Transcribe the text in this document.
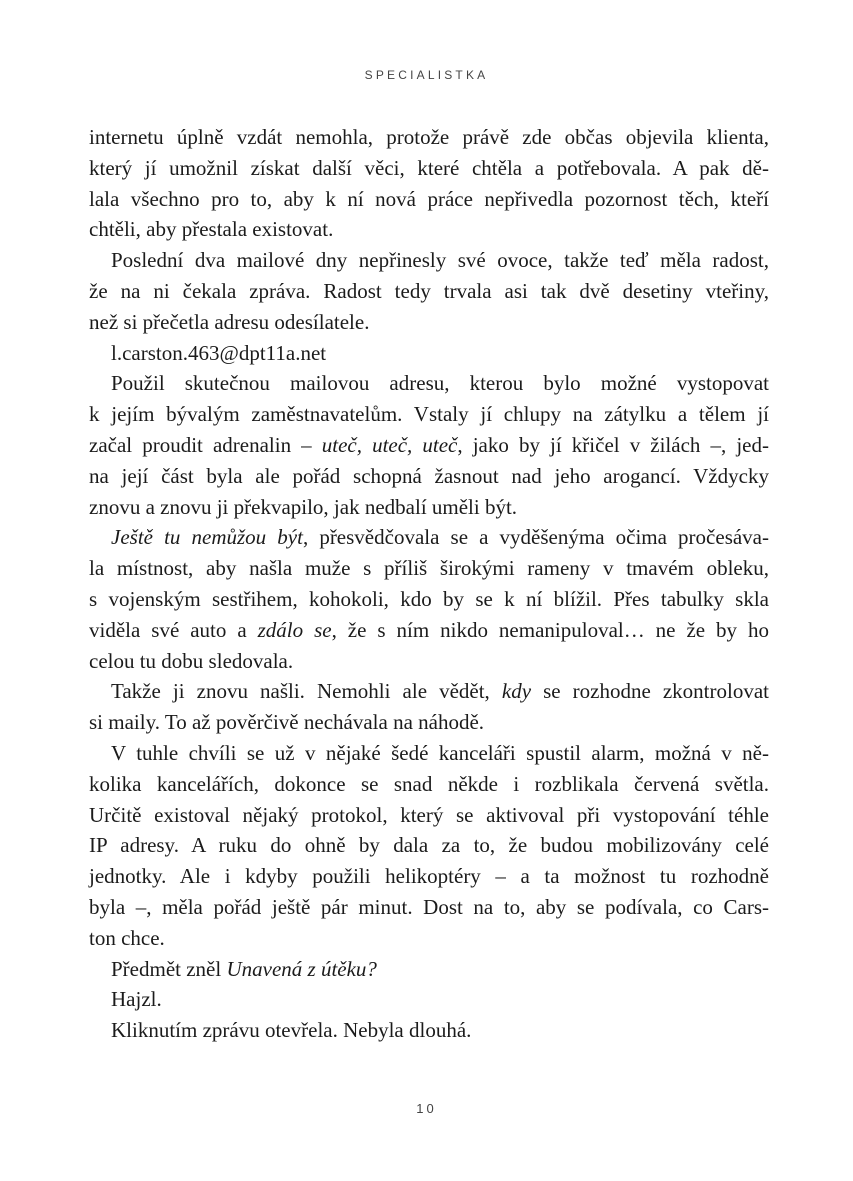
SPECIALISTKA

internetu úplně vzdát nemohla, protože právě zde občas objevila klienta,
který jí umožnil získat další věci, které chtěla a potřebovala. A pak dě-
lala všechno pro to, aby k ní nová práce nepřivedla pozornost těch, kteří
chtěli, aby přestala existovat.

Poslední dva mailové dny nepřinesly své ovoce, takže teď měla radost,
že na ni čekala zpráva. Radost tedy trvala asi tak dvě desetiny vteřiny,
než si přečetla adresu odesílatele.

l.carston.463@dpt11a.net

Použil skutečnou mailovou adresu, kterou bylo možné vystopovat
k jejím bývalým zaměstnavatelům. Vstaly jí chlupy na zátylku a tělem jí
začal proudit adrenalin – uteč, uteč, uteč, jako by jí křičel v žilách –, jed-
na její část byla ale pořád schopná žasnout nad jeho arogancí. Vždycky
znovu a znovu ji překvapilo, jak nedbalí uměli být.

Ještě tu nemůžou být, přesvědčovala se a vyděšenýma očima pročesáva-
la místnost, aby našla muže s příliš širokými rameny v tmavém obleku,
s vojenským sestřihem, kohokoli, kdo by se k ní blížil. Přes tabulky skla
viděla své auto a zdálo se, že s ním nikdo nemanipuloval… ne že by ho
celou tu dobu sledovala.

Takže ji znovu našli. Nemohli ale vědět, kdy se rozhodne zkontrolovat
si maily. To až pověrčivě nechávala na náhodě.

V tuhle chvíli se už v nějaké šedé kanceláři spustil alarm, možná v ně-
kolika kancelářích, dokonce se snad někde i rozblikala červená světla.
Určitě existoval nějaký protokol, který se aktivoval při vystopování téhle
IP adresy. A ruku do ohně by dala za to, že budou mobilizovány celé
jednotky. Ale i kdyby použili helikoptéry – a ta možnost tu rozhodně
byla –, měla pořád ještě pár minut. Dost na to, aby se podívala, co Cars-
ton chce.

Předmět zněl Unavená z útěku?

Hajzl.

Kliknutím zprávu otevřela. Nebyla dlouhá.

10
